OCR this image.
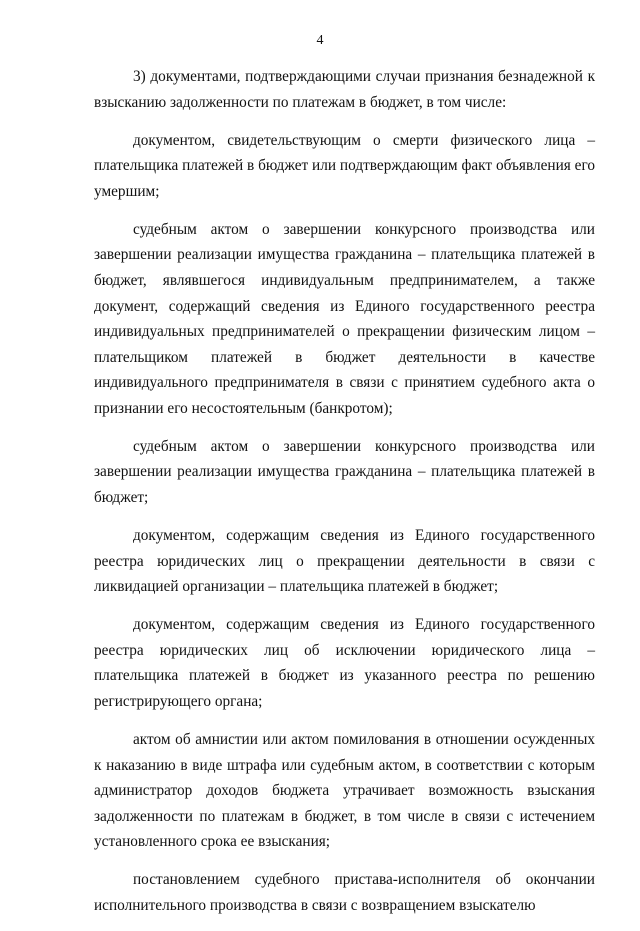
4

3) документами, подтверждающими случаи признания безнадежной к взысканию задолженности по платежам в бюджет, в том числе:

документом, свидетельствующим о смерти физического лица – плательщика платежей в бюджет или подтверждающим факт объявления его умершим;

судебным актом о завершении конкурсного производства или завершении реализации имущества гражданина – плательщика платежей в бюджет, являвшегося индивидуальным предпринимателем, а также документ, содержащий сведения из Единого государственного реестра индивидуальных предпринимателей о прекращении физическим лицом – плательщиком платежей в бюджет деятельности в качестве индивидуального предпринимателя в связи с принятием судебного акта о признании его несостоятельным (банкротом);

судебным актом о завершении конкурсного производства или завершении реализации имущества гражданина – плательщика платежей в бюджет;

документом, содержащим сведения из Единого государственного реестра юридических лиц о прекращении деятельности в связи с ликвидацией организации – плательщика платежей в бюджет;

документом, содержащим сведения из Единого государственного реестра юридических лиц об исключении юридического лица – плательщика платежей в бюджет из указанного реестра по решению регистрирующего органа;

актом об амнистии или актом помилования в отношении осужденных к наказанию в виде штрафа или судебным актом, в соответствии с которым администратор доходов бюджета утрачивает возможность взыскания задолженности по платежам в бюджет, в том числе в связи с истечением установленного срока ее взыскания;

постановлением судебного пристава-исполнителя об окончании исполнительного производства в связи с возвращением взыскателю
